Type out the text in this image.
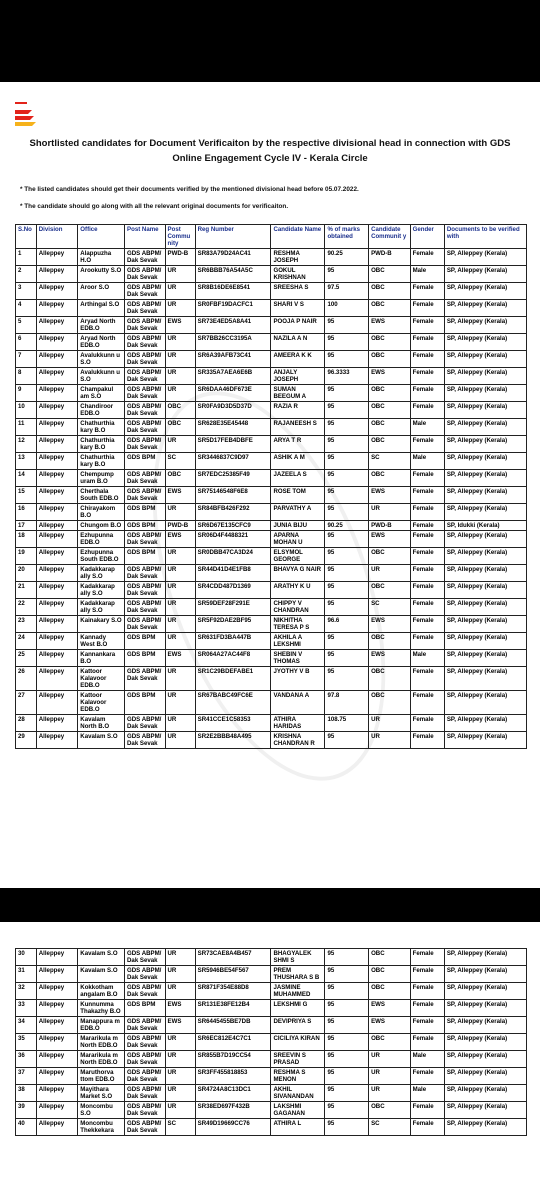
Shortlisted candidates for Document Verificaiton by the respective divisional head in connection with GDS Online Engagement Cycle IV - Kerala Circle
* The listed candidates should get their documents verified by the mentioned divisional head before 05.07.2022.
* The candidate should go along with all the relevant original documents for verificaiton.
S.No	Division	Office	Post Name	Post Commu nity	Reg Number	Candidate Name	% of marks obtained	Candidate Communit y	Gender	Documents to be verified with
1	Alleppey	Alappuzha H.O	GDS ABPM/ Dak Sevak	PWD-B	SR83A79D24AC41	RESHMA JOSEPH	90.25	PWD-B	Female	SP, Alleppey (Kerala)
2	Alleppey	Arookutty S.O	GDS ABPM/ Dak Sevak	UR	SR6BBB76A54A5C	GOKUL KRISHNAN	95	OBC	Male	SP, Alleppey (Kerala)
3	Alleppey	Aroor S.O	GDS ABPM/ Dak Sevak	UR	SR8B16DE6E8541	SREESHA S	97.5	OBC	Female	SP, Alleppey (Kerala)
4	Alleppey	Arthingal S.O	GDS ABPM/ Dak Sevak	UR	SR0FBF19DACFC1	SHARI V S	100	OBC	Female	SP, Alleppey (Kerala)
5	Alleppey	Aryad North EDB.O	GDS ABPM/ Dak Sevak	EWS	SR73E4ED5A8A41	POOJA P NAIR	95	EWS	Female	SP, Alleppey (Kerala)
6	Alleppey	Aryad North EDB.O	GDS ABPM/ Dak Sevak	UR	SR7BB26CC3195A	NAZILA A N	95	OBC	Female	SP, Alleppey (Kerala)
7	Alleppey	Avalukkunn u S.O	GDS ABPM/ Dak Sevak	UR	SR6A39AFB73C41	AMEERA K K	95	OBC	Female	SP, Alleppey (Kerala)
8	Alleppey	Avalukkunn u S.O	GDS ABPM/ Dak Sevak	UR	SR335A7AEA6E6B	ANJALY JOSEPH	96.3333	EWS	Female	SP, Alleppey (Kerala)
9	Alleppey	Champakul am S.O	GDS ABPM/ Dak Sevak	UR	SR6DAA46DF673E	SUMAN BEEGUM A	95	OBC	Female	SP, Alleppey (Kerala)
10	Alleppey	Chandiroor EDB.O	GDS ABPM/ Dak Sevak	OBC	SR0FA9D3D5D37D	RAZIA R	95	OBC	Female	SP, Alleppey (Kerala)
11	Alleppey	Chathurthia kary B.O	GDS ABPM/ Dak Sevak	OBC	SR628E35E45448	RAJANEESH S	95	OBC	Male	SP, Alleppey (Kerala)
12	Alleppey	Chathurthia kary B.O	GDS ABPM/ Dak Sevak	UR	SR5D17FEB4DBFE	ARYA T R	95	OBC	Female	SP, Alleppey (Kerala)
13	Alleppey	Chathurthia kary B.O	GDS BPM	SC	SR3446837C9D97	ASHIK A M	95	SC	Male	SP, Alleppey (Kerala)
14	Alleppey	Chempump uram B.O	GDS ABPM/ Dak Sevak	OBC	SR7EDC25385F49	JAZEELA S	95	OBC	Female	SP, Alleppey (Kerala)
15	Alleppey	Cherthala South EDB.O	GDS ABPM/ Dak Sevak	EWS	SR75146548F6E8	ROSE TOM	95	EWS	Female	SP, Alleppey (Kerala)
16	Alleppey	Chirayakom B.O	GDS BPM	UR	SR84BFB426F292	PARVATHY A	95	UR	Female	SP, Alleppey (Kerala)
17	Alleppey	Chungom B.O	GDS BPM	PWD-B	SR6D67E135CFC9	JUNIA BIJU	90.25	PWD-B	Female	SP, Idukki (Kerala)
18	Alleppey	Ezhupunna EDB.O	GDS ABPM/ Dak Sevak	EWS	SR06D4F4488321	APARNA MOHAN U	95	EWS	Female	SP, Alleppey (Kerala)
19	Alleppey	Ezhupunna South EDB.O	GDS BPM	UR	SR0DBB47CA3D24	ELSYMOL GEORGE	95	OBC	Female	SP, Alleppey (Kerala)
20	Alleppey	Kadakkarap ally S.O	GDS ABPM/ Dak Sevak	UR	SR44D41D4E1FB8	BHAVYA G NAIR	95	UR	Female	SP, Alleppey (Kerala)
21	Alleppey	Kadakkarap ally S.O	GDS ABPM/ Dak Sevak	UR	SR4CDD487D1369	ARATHY K U	95	OBC	Female	SP, Alleppey (Kerala)
22	Alleppey	Kadakkarap ally S.O	GDS ABPM/ Dak Sevak	UR	SR59DEF28F291E	CHIPPY V CHANDRAN	95	SC	Female	SP, Alleppey (Kerala)
23	Alleppey	Kainakary S.O	GDS ABPM/ Dak Sevak	UR	SR5F92DAE2BF95	NIKHITHA TERESA P S	96.6	EWS	Female	SP, Alleppey (Kerala)
24	Alleppey	Kannady West B.O	GDS BPM	UR	SR631FD3BA447B	AKHILA A LEKSHMI	95	OBC	Female	SP, Alleppey (Kerala)
25	Alleppey	Kannankara B.O	GDS BPM	EWS	SR064A27AC44F8	SHEBIN V THOMAS	95	EWS	Male	SP, Alleppey (Kerala)
26	Alleppey	Kattoor Kalavoor EDB.O	GDS ABPM/ Dak Sevak	UR	SR1C29BDEFABE1	JYOTHY V B	95	OBC	Female	SP, Alleppey (Kerala)
27	Alleppey	Kattoor Kalavoor EDB.O	GDS BPM	UR	SR67BABC49FC6E	VANDANA A	97.8	OBC	Female	SP, Alleppey (Kerala)
28	Alleppey	Kavalam North B.O	GDS ABPM/ Dak Sevak	UR	SR41CCE1C58353	ATHIRA HARIDAS	108.75	UR	Female	SP, Alleppey (Kerala)
29	Alleppey	Kavalam S.O	GDS ABPM/ Dak Sevak	UR	SR2E2BBB48A495	KRISHNA CHANDRAN R	95	UR	Female	SP, Alleppey (Kerala)
30	Alleppey	Kavalam S.O	GDS ABPM/ Dak Sevak	UR	SR73CAE8A4B457	BHAGYALEK SHMI S	95	OBC	Female	SP, Alleppey (Kerala)
31	Alleppey	Kavalam S.O	GDS ABPM/ Dak Sevak	UR	SR5946BE54F567	PREM THUSHARA S B	95	OBC	Female	SP, Alleppey (Kerala)
32	Alleppey	Kokkotham angalam B.O	GDS ABPM/ Dak Sevak	UR	SR871F354E88D8	JASMINE MUHAMMED	95	OBC	Female	SP, Alleppey (Kerala)
33	Alleppey	Kunnumma Thakazhy B.O	GDS BPM	EWS	SR131E38FE12B4	LEKSHMI G	95	EWS	Female	SP, Alleppey (Kerala)
34	Alleppey	Manappura m EDB.O	GDS ABPM/ Dak Sevak	EWS	SR6445455BE7DB	DEVIPRIYA S	95	EWS	Female	SP, Alleppey (Kerala)
35	Alleppey	Mararikula m North EDB.O	GDS ABPM/ Dak Sevak	UR	SR6EC812E4C7C1	CICILIYA KIRAN	95	OBC	Female	SP, Alleppey (Kerala)
36	Alleppey	Mararikula m North EDB.O	GDS ABPM/ Dak Sevak	UR	SR855B7D19CC54	SREEVIN S PRASAD	95	UR	Male	SP, Alleppey (Kerala)
37	Alleppey	Maruthorva ttom EDB.O	GDS ABPM/ Dak Sevak	UR	SR3FF455818853	RESHMA S MENON	95	UR	Female	SP, Alleppey (Kerala)
38	Alleppey	Mayithara Market S.O	GDS ABPM/ Dak Sevak	UR	SR4724A8C13DC1	AKHIL SIVANANDAN	95	UR	Male	SP, Alleppey (Kerala)
39	Alleppey	Moncombu S.O	GDS ABPM/ Dak Sevak	UR	SR38ED697F432B	LAKSHMI GAGANAN	95	OBC	Female	SP, Alleppey (Kerala)
40	Alleppey	Moncombu Thekkekara	GDS ABPM/ Dak Sevak	SC	SR49D19669CC76	ATHIRA L	95	SC	Female	SP, Alleppey (Kerala)
